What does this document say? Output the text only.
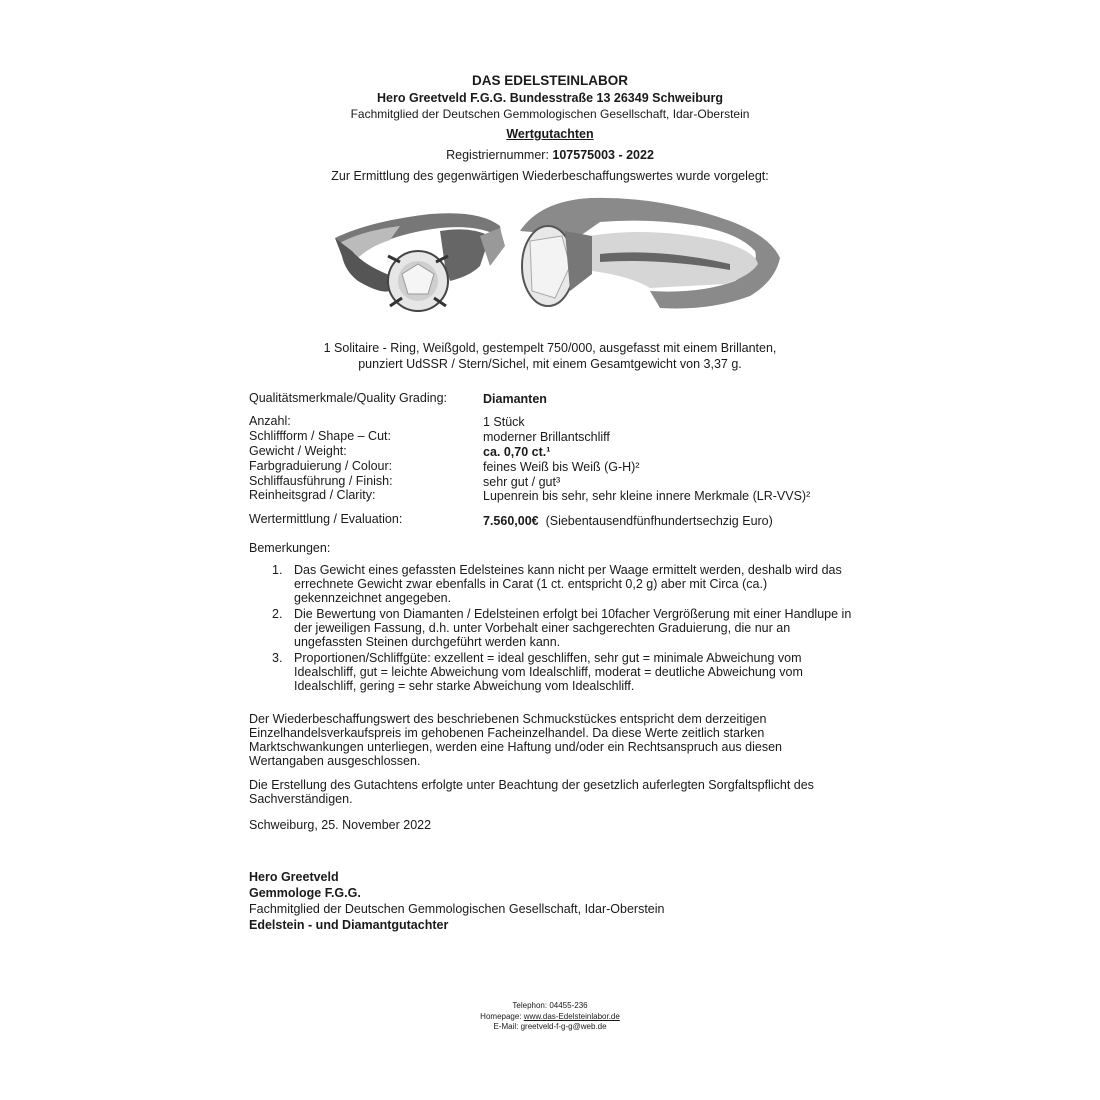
DAS EDELSTEINLABOR
Hero Greetveld F.G.G. Bundesstraße 13 26349 Schweiburg
Fachmitglied der Deutschen Gemmologischen Gesellschaft, Idar-Oberstein
Wertgutachten
Registriernummer: 107575003 - 2022
Zur Ermittlung des gegenwärtigen Wiederbeschaffungswertes wurde vorgelegt:
1 Solitaire - Ring, Weißgold, gestempelt 750/000, ausgefasst mit einem Brillanten,
punziert UdSSR / Stern/Sichel, mit einem Gesamtgewicht von 3,37 g.
Qualitätsmerkmale/Quality Grading:	Diamanten
Anzahl:	1 Stück
Schliffform / Shape – Cut:	moderner Brillantschliff
Gewicht / Weight:	ca. 0,70 ct.¹
Farbgraduierung / Colour:	feines Weiß bis Weiß (G-H)²
Schliffausführung / Finish:	sehr gut / gut³
Reinheitsgrad / Clarity:	Lupenrein bis sehr, sehr kleine innere Merkmale (LR-VVS)²
Wertermittlung / Evaluation:	7.560,00€ (Siebentausendfünfhundertsechzig Euro)
Bemerkungen:
1. Das Gewicht eines gefassten Edelsteines kann nicht per Waage ermittelt werden, deshalb wird das
errechnete Gewicht zwar ebenfalls in Carat (1 ct. entspricht 0,2 g) aber mit Circa (ca.)
gekennzeichnet angegeben.
2. Die Bewertung von Diamanten / Edelsteinen erfolgt bei 10facher Vergrößerung mit einer Handlupe in
der jeweiligen Fassung, d.h. unter Vorbehalt einer sachgerechten Graduierung, die nur an
ungefassten Steinen durchgeführt werden kann.
3. Proportionen/Schliffgüte: exzellent = ideal geschliffen, sehr gut = minimale Abweichung vom
Idealschliff, gut = leichte Abweichung vom Idealschliff, moderat = deutliche Abweichung vom
Idealschliff, gering = sehr starke Abweichung vom Idealschliff.
Der Wiederbeschaffungswert des beschriebenen Schmuckstückes entspricht dem derzeitigen
Einzelhandelsverkaufspreis im gehobenen Facheinzelhandel. Da diese Werte zeitlich starken
Marktschwankungen unterliegen, werden eine Haftung und/oder ein Rechtsanspruch aus diesen
Wertangaben ausgeschlossen.
Die Erstellung des Gutachtens erfolgte unter Beachtung der gesetzlich auferlegten Sorgfaltspflicht des
Sachverständigen.
Schweiburg, 25. November 2022
Hero Greetveld
Gemmologe F.G.G.
Fachmitglied der Deutschen Gemmologischen Gesellschaft, Idar-Oberstein
Edelstein - und Diamantgutachter
Telephon: 04455-236
Homepage: www.das-Edelsteinlabor.de
E-Mail: greetveld-f-g-g@web.de
